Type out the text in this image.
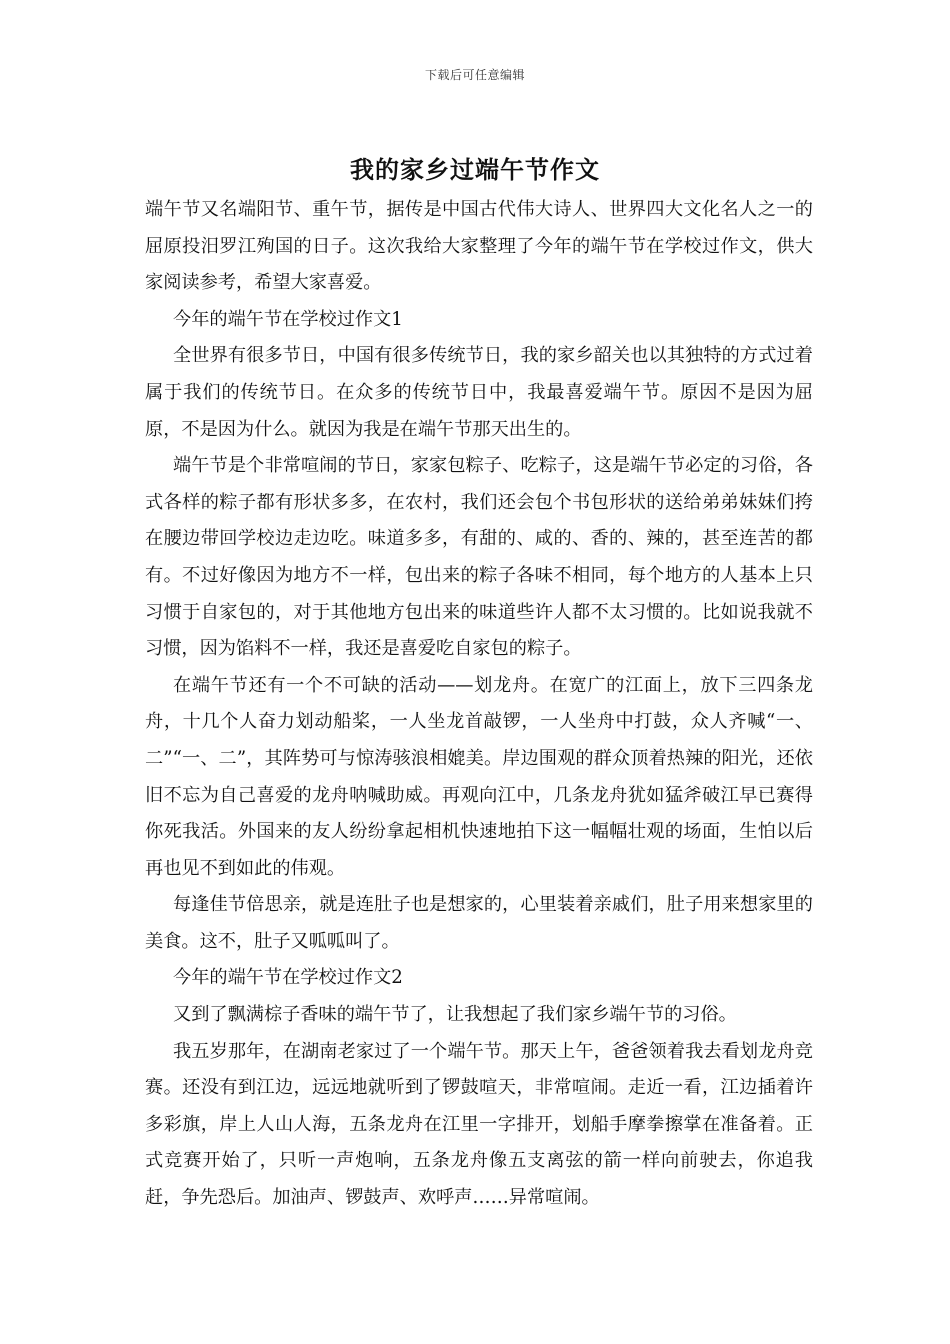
下载后可任意编辑
我的家乡过端午节作文

端午节又名端阳节、重午节，据传是中国古代伟大诗人、世界四大文化名人之一的屈原投汨罗江殉国的日子。这次我给大家整理了今年的端午节在学校过作文，供大家阅读参考，希望大家喜爱。

今年的端午节在学校过作文1

全世界有很多节日，中国有很多传统节日，我的家乡韶关也以其独特的方式过着属于我们的传统节日。在众多的传统节日中，我最喜爱端午节。原因不是因为屈原，不是因为什么。就因为我是在端午节那天出生的。

端午节是个非常喧闹的节日，家家包粽子、吃粽子，这是端午节必定的习俗，各式各样的粽子都有形状多多，在农村，我们还会包个书包形状的送给弟弟妹妹们挎在腰边带回学校边走边吃。味道多多，有甜的、咸的、香的、辣的，甚至连苦的都有。不过好像因为地方不一样，包出来的粽子各味不相同，每个地方的人基本上只习惯于自家包的，对于其他地方包出来的味道些许人都不太习惯的。比如说我就不习惯，因为馅料不一样，我还是喜爱吃自家包的粽子。

在端午节还有一个不可缺的活动——划龙舟。在宽广的江面上，放下三四条龙舟，十几个人奋力划动船桨，一人坐龙首敲锣，一人坐舟中打鼓，众人齐喊“一、二”“一、二”，其阵势可与惊涛骇浪相媲美。岸边围观的群众顶着热辣的阳光，还依旧不忘为自己喜爱的龙舟呐喊助威。再观向江中，几条龙舟犹如猛斧破江早已赛得你死我活。外国来的友人纷纷拿起相机快速地拍下这一幅幅壮观的场面，生怕以后再也见不到如此的伟观。

每逢佳节倍思亲，就是连肚子也是想家的，心里装着亲戚们，肚子用来想家里的美食。这不，肚子又呱呱叫了。

今年的端午节在学校过作文2

又到了飘满棕子香味的端午节了，让我想起了我们家乡端午节的习俗。

我五岁那年，在湖南老家过了一个端午节。那天上午，爸爸领着我去看划龙舟竞赛。还没有到江边，远远地就听到了锣鼓喧天，非常喧闹。走近一看，江边插着许多彩旗，岸上人山人海，五条龙舟在江里一字排开，划船手摩拳擦掌在准备着。正式竞赛开始了，只听一声炮响，五条龙舟像五支离弦的箭一样向前驶去，你追我赶，争先恐后。加油声、锣鼓声、欢呼声……异常喧闹。
